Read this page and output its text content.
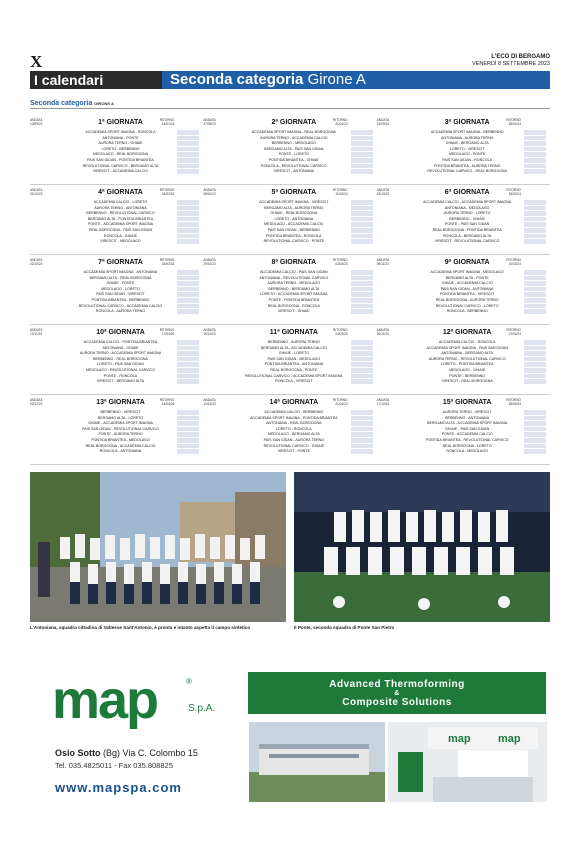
X	L'ECO DI BERGAMO
VENERDÌ 8 SETTEMBRE 2023
I calendari	Seconda categoria Girone A
Seconda categoria GIRONE A
ANDATA
10/09/23	1ª GIORNATA	RITORNO
14/01/24
ACCADEMIA SPORT IMAGNA - RONCOLA
ANTONIANA - PONTE
AURORA TERNO - GHIAIE
LORETO - BERBENNO
MEDOLAGO - REAL BORGOGNA
PAIS SAN GIDAN - PONTIDA BRIANTEA
REVOLUTIONAL CARVICO - BERGAMO ALTA
VIRESCIT - ACCADEMIA CALCIO
ANDATA
17/09/23	2ª GIORNATA	RITORNO
21/01/24
ACCADEMIA SPORT IMAGNA - REAL BORGOGNA
AURORA TERNO - ACCADEMIA CALCIO
BERBENNO - MEDOLAGO
BERGAMO ALTA - PAIS SAN GIDAN
PONTE - LORETO
PONTIDA BRIANTEA - GHIAIE
RONCOLA - REVOLUTIONAL CARVICO
VIRESCIT - ANTONIANA
ANDATA
24/09/23	3ª GIORNATA	RITORNO
28/01/24
ACCADEMIA SPORT IMAGNA - BERBENNO
ANTONIANA - AURORA TERNO
GHIAIE - BERGAMO ALTA
LORETO - VIRESCIT
MEDOLAGO - PONTE
PAIS SAN GIDAN - RONCOLA
PONTIDA BRIANTEA - AURORA TERNO
REVOLUTIONAL CARVICO - REAL BORGOGNA
ANDATA
01/10/23	4ª GIORNATA	RITORNO
04/02/24
ACCADEMIA CALCIO - LORETO
AURORA TERNO - ANTONIANA
BERBENNO - REVOLUTIONAL CARVICO
BERGAMO ALTA - PONTIDA BRIANTEA
PONTE - ACCADEMIA SPORT IMAGNA
REAL BORGOGNA - PAIS SAN GIDAN
RONCOLA - GHIAIE
VIRESCIT - MEDOLAGO
ANDATA
08/10/23	5ª GIORNATA	RITORNO
11/02/24
ACCADEMIA SPORT IMAGNA - VIRESCIT
BERGAMO ALTA - AURORA TERNO
GHIAIE - REAL BORGOGNA
LORETO - ANTONIANA
MEDOLAGO - ACCADEMIA CALCIO
PAIS SAN GIDAN - BERBENNO
PONTIDA BRIANTEA - RONCOLA
REVOLUTIONAL CARVICO - PONTE
ANDATA
15/10/23	6ª GIORNATA	RITORNO
18/02/24
ACCADEMIA CALCIO - ACCADEMIA SPORT IMAGNA
ANTONIANA - MEDOLAGO
AURORA TERNO - LORETO
BERBENNO - GHIAIE
PONTE - PAIS SAN GIDAN
REAL BORGOGNA - PONTIDA BRIANTEA
RONCOLA - BERGAMO ALTA
VIRESCIT - REVOLUTIONAL CARVICO
ANDATA
22/10/23	7ª GIORNATA	RITORNO
25/02/24
ACCADEMIA SPORT IMAGNA - ANTONIANA
BERGAMO ALTA - REAL BORGOGNA
GHIAIE - PONTE
MEDOLAGO - LORETO
PAIS SAN GIDAN - VIRESCIT
PONTIDA BRIANTEA - BERBENNO
REVOLUTIONAL CARVICO - ACCADEMIA CALCIO
RONCOLA - AURORA TERNO
ANDATA
29/10/23	8ª GIORNATA	RITORNO
03/03/24
ACCADEMIA CALCIO - PAIS SAN GIDAN
ANTONIANA - REVOLUTIONAL CARVICO
AURORA TERNO - MEDOLAGO
BERBENNO - BERGAMO ALTA
LORETO - ACCADEMIA SPORT IMAGNA
PONTE - PONTIDA BRIANTEA
REAL BORGOGNA - RONCOLA
VIRESCIT - GHIAIE
ANDATA
05/11/23	9ª GIORNATA	RITORNO
10/03/24
ACCADEMIA SPORT IMAGNA - MEDOLAGO
BERGAMO ALTA - PONTE
GHIAIE - ACCADEMIA CALCIO
PAIS SAN GIDAN - ANTONIANA
PONTIDA BRIANTEA - VIRESCIT
REAL BORGOGNA - AURORA TERNO
REVOLUTIONAL CARVICO - LORETO
RONCOLA - BERBENNO
ANDATA
12/11/23	10ª GIORNATA	RITORNO
17/03/24
ACCADEMIA CALCIO - PONTIDA BRIANTEA
ANTONIANA - GHIAIE
AURORA TERNO - ACCADEMIA SPORT IMAGNA
BERBENNO - REAL BORGOGNA
LORETO - PAIS SAN GIDAN
MEDOLAGO - REVOLUTIONAL CARVICO
PONTE - RONCOLA
VIRESCIT - BERGAMO ALTA
ANDATA
19/11/23	11ª GIORNATA	RITORNO
24/03/24
BERBENNO - AURORA TERNO
BERGAMO ALTA - ACCADEMIA CALCIO
GHIAIE - LORETO
PAIS SAN GIDAN - MEDOLAGO
PONTIDA BRIANTEA - ANTONIANA
REAL BORGOGNA - PONTE
REVOLUTIONAL CARVICO - ACCADEMIA SPORT IMAGNA
RONCOLA - VIRESCIT
ANDATA
26/11/23	12ª GIORNATA	RITORNO
07/04/24
ACCADEMIA CALCIO - RONCOLA
ACCADEMIA SPORT IMAGNA - PAIS SAN GIDAN
ANTONIANA - BERGAMO ALTA
AURORA TERNO - REVOLUTIONAL CARVICO
LORETO - PONTIDA BRIANTEA
MEDOLAGO - GHIAIE
PONTE - BERBENNO
VIRESCIT - REAL BORGOGNA
ANDATA
03/12/23	13ª GIORNATA	RITORNO
14/04/24
BERBENNO - VIRESCIT
BERGAMO ALTA - LORETO
GHIAIE - ACCADEMIA SPORT IMAGNA
PAIS SAN GIDAN - REVOLUTIONAL CARVICO
PONTE - AURORA TERNO
PONTIDA BRIANTEA - MEDOLAGO
REAL BORGOGNA - ACCADEMIA CALCIO
RONCOLA - ANTONIANA
ANDATA
10/12/23	14ª GIORNATA	RITORNO
21/04/24
ACCADEMIA CALCIO - BERBENNO
ACCADEMIA SPORT IMAGNA - PONTIDA BRIANTEA
ANTONIANA - REAL BORGOGNA
LORETO - RONCOLA
MEDOLAGO - BERGAMO ALTA
PAIS SAN GIDAN - AURORA TERNO
REVOLUTIONAL CARVICO - GHIAIE
VIRESCIT - PONTE
ANDATA
17/12/23	15ª GIORNATA	RITORNO
28/04/24
AURORA TERNO - VIRESCIT
BERBENNO - ANTONIANA
BERGAMO ALTA - ACCADEMIA SPORT IMAGNA
GHIAIE - PAIS SAN GIDAN
PONTE - ACCADEMIA CALCIO
PONTIDA BRIANTEA - REVOLUTIONAL CARVICO
REAL BORGOGNA - LORETO
RONCOLA - MEDOLAGO
L'Antoniana, squadra cittadina di Valtesse Sant'Antonio, è pronta e intanto aspetta il campo sintetico	Il Ponte, seconda squadra di Ponte San Pietro
map	®
S.p.A.
Advanced Thermoforming
&
Composite Solutions
Osio Sotto (Bg) Via C. Colombo 15
Tel. 035.4825011 - Fax 035.808825
www.mapspa.com
map map
